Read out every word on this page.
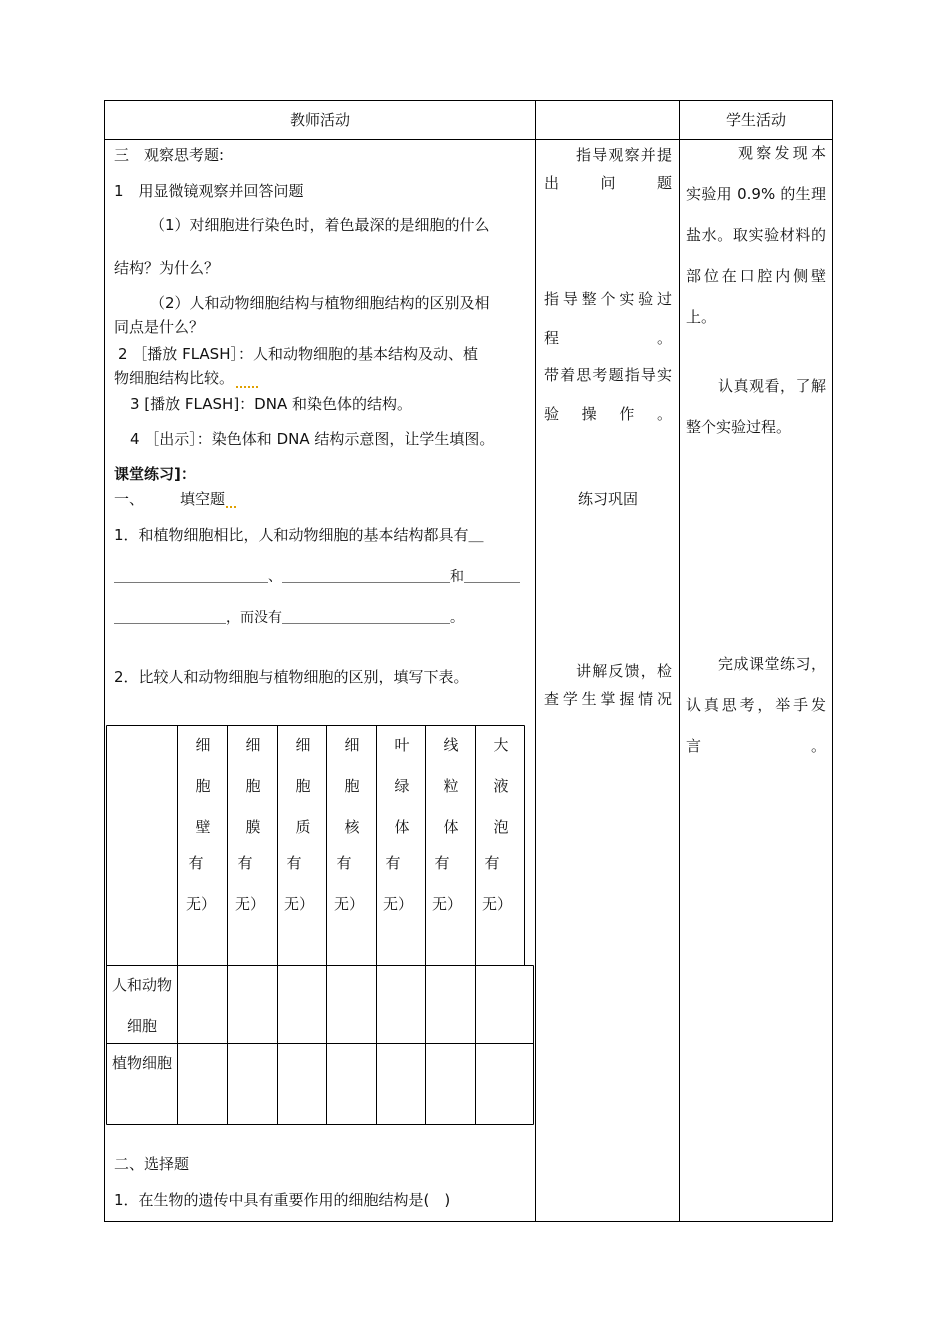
教师活动	学生活动
三　观察思考题:
1　用显微镜观察并回答问题
（1）对细胞进行染色时，着色最深的是细胞的什么
结构？为什么？
（2）人和动物细胞结构与植物细胞结构的区别及相
同点是什么？
2 ［播放 FLASH］：人和动物细胞的基本结构及动、植
物细胞结构比较。
3 [播放 FLASH]：DNA 和染色体的结构。
4 ［出示］：染色体和 DNA 结构示意图，让学生填图。
课堂练习]：
一、 填空题
1．和植物细胞相比，人和动物细胞的基本结构都具有＿
＿＿＿＿＿＿＿＿＿＿＿、＿＿＿＿＿＿＿＿＿＿＿＿和＿＿＿＿
＿＿＿＿＿＿＿＿，而没有＿＿＿＿＿＿＿＿＿＿＿＿。
2．比较人和动物细胞与植物细胞的区别，填写下表。
细胞壁
有无）
细胞膜
有无）
细胞质
有无）
细胞核
有无）
叶绿体
有无）
线粒体
有无）
大液泡
有无）
人和动物细胞
植物细胞
二、选择题
1．在生物的遗传中具有重要作用的细胞结构是(　)
指导观察并提出问题
指导整个实验过程。
带着思考题指导实验操作。
练习巩固
讲解反馈，检查学生掌握情况
观察发现本实验用 0.9% 的生理盐水。取实验材料的部位在口腔内侧壁上。
认真观看，了解整个实验过程。
完成课堂练习，认真思考，举手发言。
